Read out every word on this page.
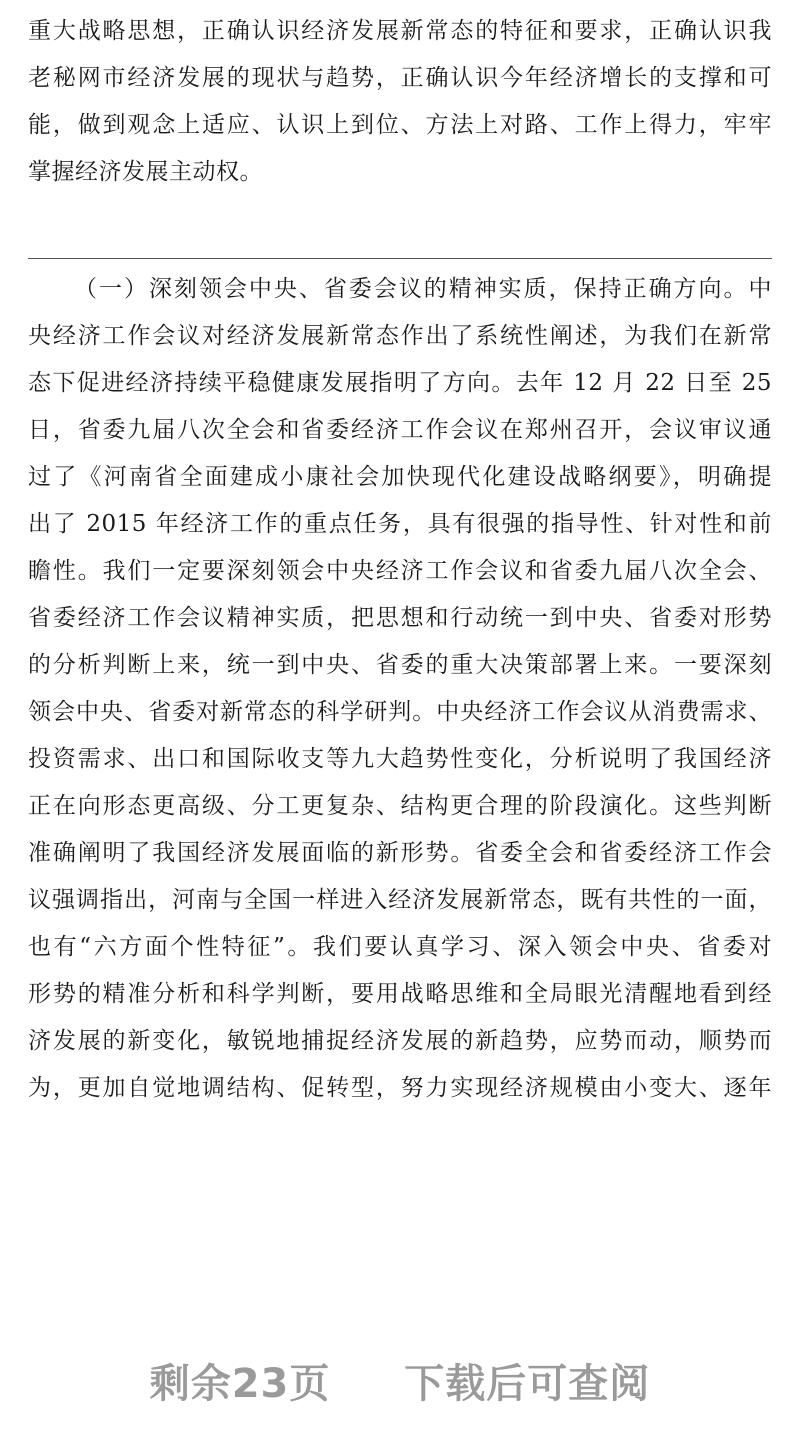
重大战略思想，正确认识经济发展新常态的特征和要求，正确认识我
老秘网市经济发展的现状与趋势，正确认识今年经济增长的支撑和可
能，做到观念上适应、认识上到位、方法上对路、工作上得力，牢牢
掌握经济发展主动权。
（一）深刻领会中央、省委会议的精神实质，保持正确方向。中
央经济工作会议对经济发展新常态作出了系统性阐述，为我们在新常
态下促进经济持续平稳健康发展指明了方向。去年 12 月 22 日至 25
日，省委九届八次全会和省委经济工作会议在郑州召开，会议审议通
过了《河南省全面建成小康社会加快现代化建设战略纲要》，明确提
出了 2015 年经济工作的重点任务，具有很强的指导性、针对性和前
瞻性。我们一定要深刻领会中央经济工作会议和省委九届八次全会、
省委经济工作会议精神实质，把思想和行动统一到中央、省委对形势
的分析判断上来，统一到中央、省委的重大决策部署上来。一要深刻
领会中央、省委对新常态的科学研判。中央经济工作会议从消费需求、
投资需求、出口和国际收支等九大趋势性变化，分析说明了我国经济
正在向形态更高级、分工更复杂、结构更合理的阶段演化。这些判断
准确阐明了我国经济发展面临的新形势。省委全会和省委经济工作会
议强调指出，河南与全国一样进入经济发展新常态，既有共性的一面，
也有“六方面个性特征”。我们要认真学习、深入领会中央、省委对
形势的精准分析和科学判断，要用战略思维和全局眼光清醒地看到经
济发展的新变化，敏锐地捕捉经济发展的新趋势，应势而动，顺势而
为，更加自觉地调结构、促转型，努力实现经济规模由小变大、逐年
剩余23页 下载后可查阅
